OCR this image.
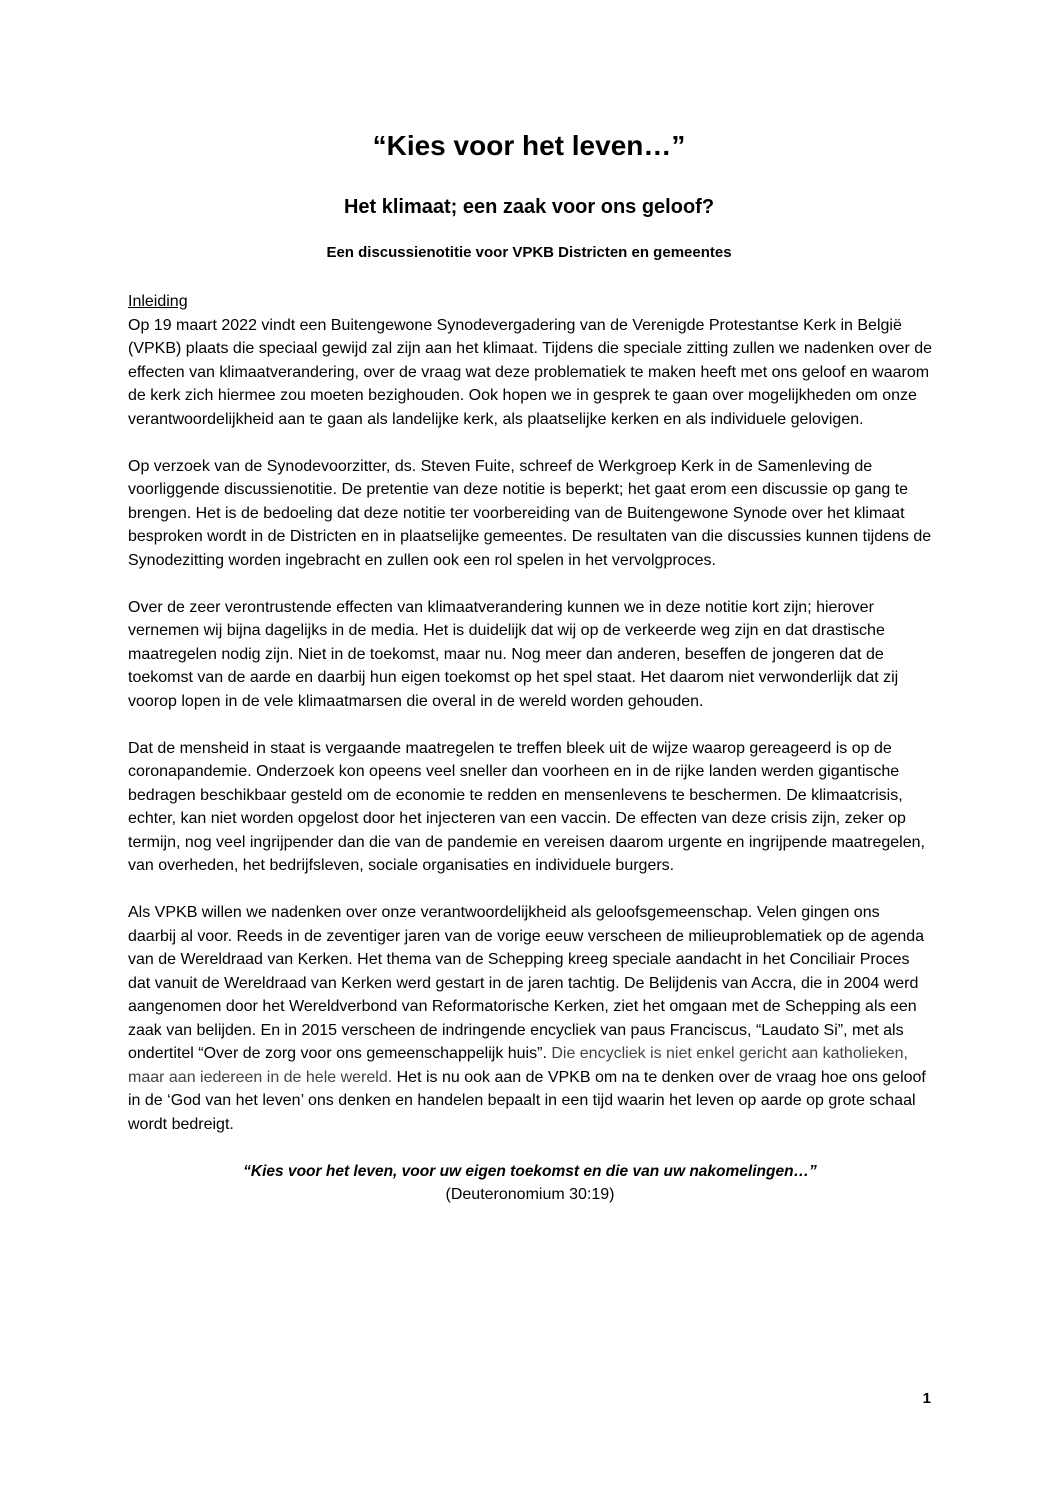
“Kies voor het leven…”
Het klimaat; een zaak voor ons geloof?
Een discussienotitie voor VPKB Districten en gemeentes

Inleiding

Op 19 maart 2022 vindt een Buitengewone Synodevergadering van de Verenigde Protestantse Kerk in België (VPKB) plaats die speciaal gewijd zal zijn aan het klimaat. Tijdens die speciale zitting zullen we nadenken over de effecten van klimaatverandering, over de vraag wat deze problematiek te maken heeft met ons geloof en waarom de kerk zich hiermee zou moeten bezighouden. Ook hopen we in gesprek te gaan over mogelijkheden om onze verantwoordelijkheid aan te gaan als landelijke kerk, als plaatselijke kerken en als individuele gelovigen.

Op verzoek van de Synodevoorzitter, ds. Steven Fuite, schreef de Werkgroep Kerk in de Samenleving de voorliggende discussienotitie. De pretentie van deze notitie is beperkt; het gaat erom een discussie op gang te brengen. Het is de bedoeling dat deze notitie ter voorbereiding van de Buitengewone Synode over het klimaat besproken wordt in de Districten en in plaatselijke gemeentes. De resultaten van die discussies kunnen tijdens de Synodezitting worden ingebracht en zullen ook een rol spelen in het vervolgproces.

Over de zeer verontrustende effecten van klimaatverandering kunnen we in deze notitie kort zijn; hierover vernemen wij bijna dagelijks in de media. Het is duidelijk dat wij op de verkeerde weg zijn en dat drastische maatregelen nodig zijn. Niet in de toekomst, maar nu. Nog meer dan anderen, beseffen de jongeren dat de toekomst van de aarde en daarbij hun eigen toekomst op het spel staat. Het daarom niet verwonderlijk dat zij voorop lopen in de vele klimaatmarsen die overal in de wereld worden gehouden.

Dat de mensheid in staat is vergaande maatregelen te treffen bleek uit de wijze waarop gereageerd is op de coronapandemie. Onderzoek kon opeens veel sneller dan voorheen en in de rijke landen werden gigantische bedragen beschikbaar gesteld om de economie te redden en mensenlevens te beschermen. De klimaatcrisis, echter, kan niet worden opgelost door het injecteren van een vaccin. De effecten van deze crisis zijn, zeker op termijn, nog veel ingrijpender dan die van de pandemie en vereisen daarom urgente en ingrijpende maatregelen, van overheden, het bedrijfsleven, sociale organisaties en individuele burgers.

Als VPKB willen we nadenken over onze verantwoordelijkheid als geloofsgemeenschap. Velen gingen ons daarbij al voor. Reeds in de zeventiger jaren van de vorige eeuw verscheen de milieuproblematiek op de agenda van de Wereldraad van Kerken. Het thema van de Schepping kreeg speciale aandacht in het Conciliair Proces dat vanuit de Wereldraad van Kerken werd gestart in de jaren tachtig. De Belijdenis van Accra, die in 2004 werd aangenomen door het Wereldverbond van Reformatorische Kerken, ziet het omgaan met de Schepping als een zaak van belijden. En in 2015 verscheen de indringende encycliek van paus Franciscus, “Laudato Si”, met als ondertitel “Over de zorg voor ons gemeenschappelijk huis”. Die encycliek is niet enkel gericht aan katholieken, maar aan iedereen in de hele wereld. Het is nu ook aan de VPKB om na te denken over de vraag hoe ons geloof in de ‘God van het leven’ ons denken en handelen bepaalt in een tijd waarin het leven op aarde op grote schaal wordt bedreigt.

“Kies voor het leven, voor uw eigen toekomst en die van uw nakomelingen…”

(Deuteronomium 30:19)

1
